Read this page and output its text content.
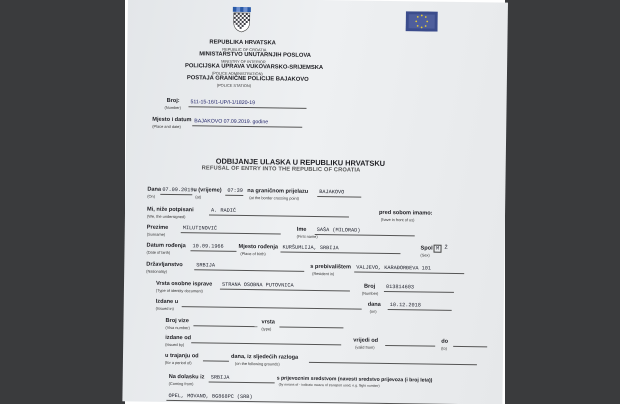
REPUBLIKA HRVATSKA
REPUBLIC OF CROATIA
MINISTARSTVO UNUTARNJIH POSLOVA
MINISTRY OF INTERIOR
POLICIJSKA UPRAVA VUKOVARSKO-SRIJEMSKA
(POLICE ADMINISTRATION)
POSTAJA GRANIČNE POLICIJE BAJAKOVO
(POLICE STATION)
Broj:
(Number)
511-15-16/1-UP/I-1/1820-19
Mjesto i datum
(Place and date)
BAJAKOVO 07.09.2019. godine
ODBIJANJE ULASKA U REPUBLIKU HRVATSKU
REFUSAL OF ENTRY INTO THE REPUBLIC OF CROATIA
Dana
(On)
07.09.2019.
u (vrijeme)
(at)
07:39 na graničnom prijelazu
(at the border crossing point)
BAJAKOVO
Mi, niže potpisani
(We, the undersigned)
A. RADIĆ	pred sobom imamo:
(have in front of us)
Prezime
(Surname)
MILUTINOVIĆ	Ime
(First name)
SAŠA (MILORAD)
Datum rođenja
(Date of birth)
10.09.1966	Mjesto rođenja
(Place of birth)
KURŠUMLIJA, SRBIJA	Spol
(Sex)
M	Ž
Državljanstvo
(Nationality)
SRBIJA	s prebivalištem
(Resident in)
VALJEVO, KARAĐORĐEVA 101
Vrsta osobne isprave
(Type of identity document)
STRANA OSOBNA PUTOVNICA	Broj
(Number)
013814603
Izdane u
(Issued in)
dana
(on)
10.12.2018
Broj vize
(Visa number)
vrsta
(type)
izdane od
(issued by)
vrijedi od
(valid from)
do
(to)
u trajanju od
(for a period of)
dana, iz sljedećih razloga
(on the following grounds)
Na dolasku iz
(Coming from)
SRBIJA	s prijevoznim sredstvom (navesti sredstvo prijevoza (i broj leta))
(by means of - indicate means of transport used, e.g. flight number)
OPEL, MOVANO, BG868PC (SRB)
